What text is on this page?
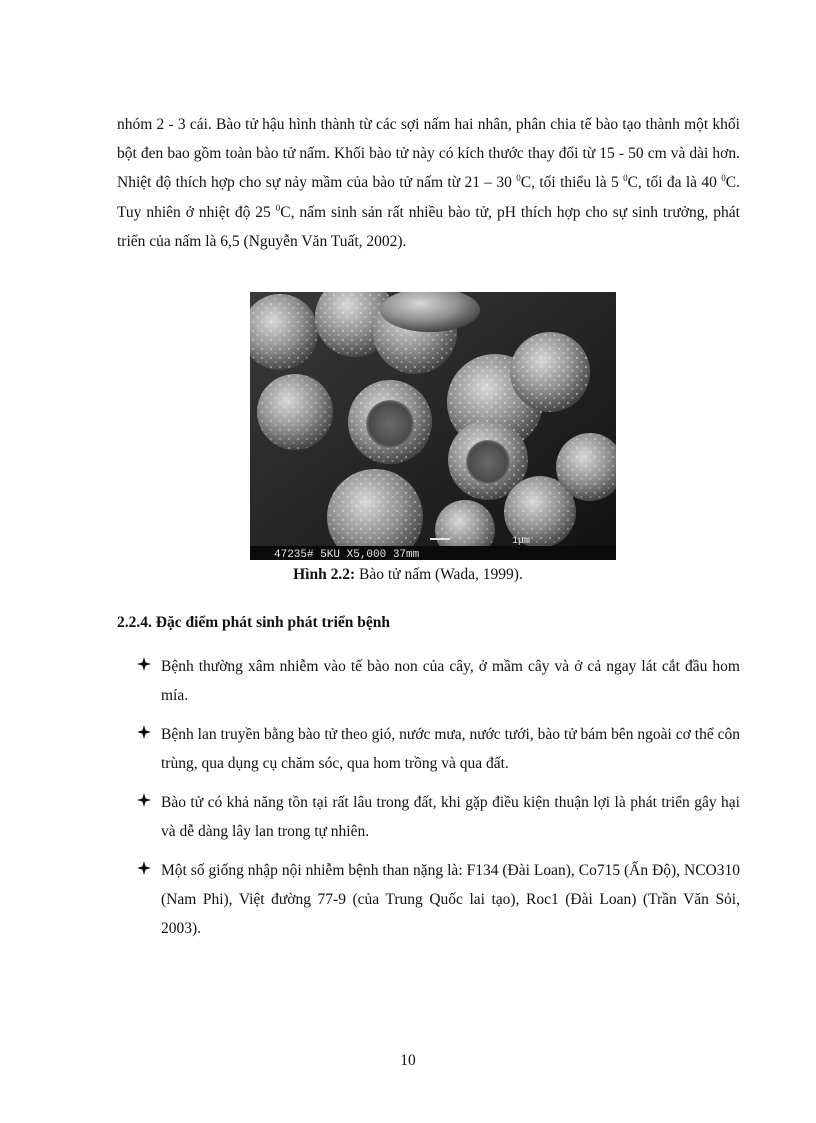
nhóm 2 - 3 cái. Bào tử hậu hình thành từ các sợi nấm hai nhân, phân chia tế bào tạo thành một khối bột đen bao gồm toàn bào tử nấm. Khối bào tử này có kích thước thay đổi từ 15 - 50 cm và dài hơn. Nhiệt độ thích hợp cho sự nảy mầm của bào tử nấm từ 21 – 30 $^0$C, tối thiểu là 5 $^0$C, tối đa là 40 $^0$C. Tuy nhiên ở nhiệt độ 25 $^0$C, nấm sinh sản rất nhiều bào tử, pH thích hợp cho sự sinh trưởng, phát triển của nấm là 6,5 (Nguyễn Văn Tuất, 2002).

1μm
47235# 5KU X5,000 37mm
Hình 2.2: Bào tử nấm (Wada, 1999).

2.2.4. Đặc điểm phát sinh phát triển bệnh

Bệnh thường xâm nhiễm vào tế bào non của cây, ở mầm cây và ở cả ngay lát cắt đầu hom mía.
Bệnh lan truyền bằng bào tử theo gió, nước mưa, nước tưới, bào tử bám bên ngoài cơ thể côn trùng, qua dụng cụ chăm sóc, qua hom trồng và qua đất.
Bào tử có khả năng tồn tại rất lâu trong đất, khi gặp điều kiện thuận lợi là phát triển gây hại và dễ dàng lây lan trong tự nhiên.
Một số giống nhập nội nhiễm bệnh than nặng là: F134 (Đài Loan), Co715 (Ấn Độ), NCO310 (Nam Phi), Việt đường 77-9 (của Trung Quốc lai tạo), Roc1 (Đài Loan) (Trần Văn Sỏi, 2003).
10
